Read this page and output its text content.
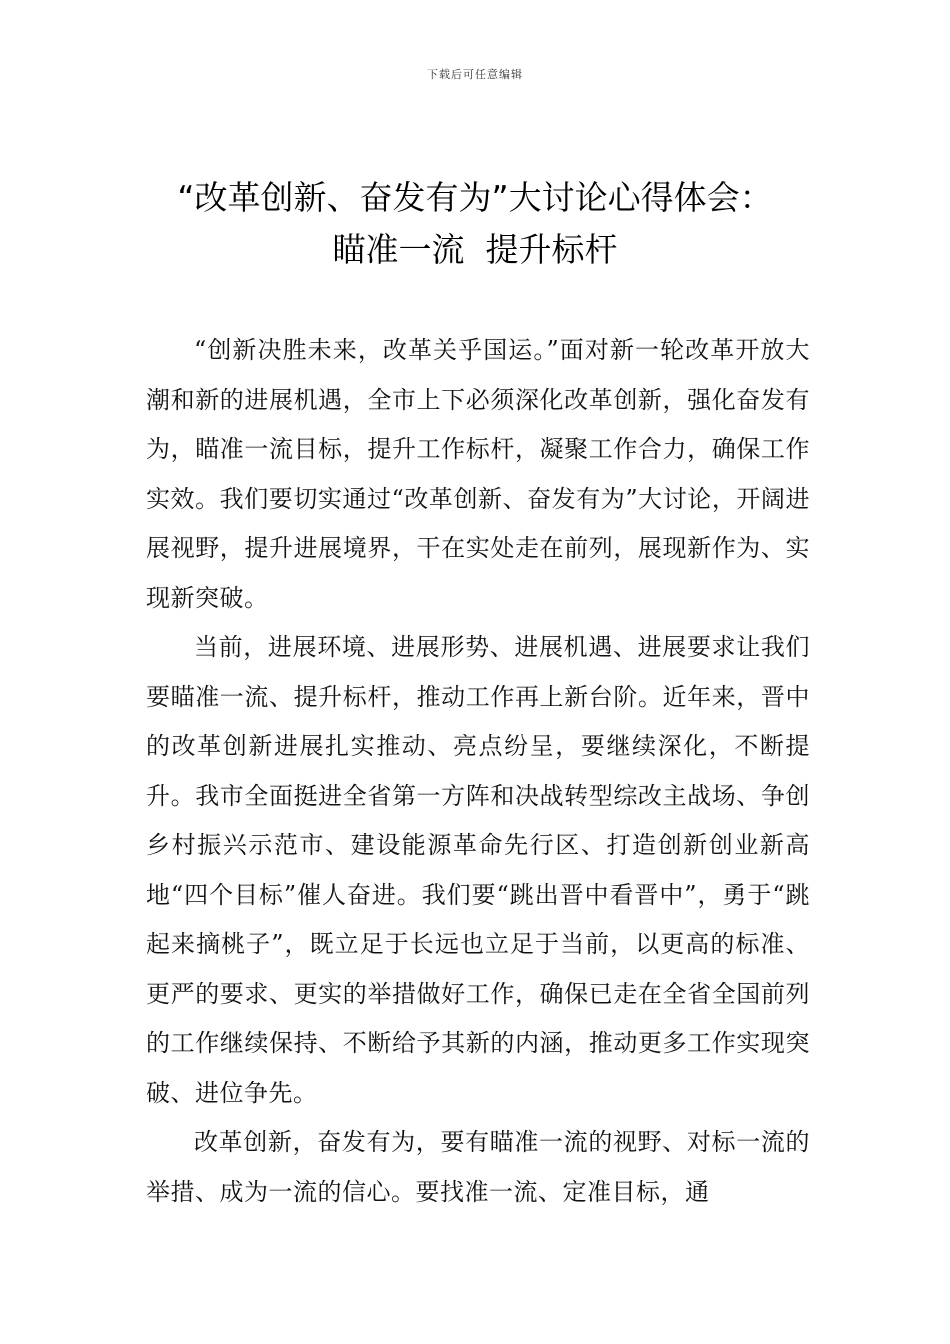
下载后可任意编辑
“改革创新、奋发有为”大讨论心得体会：
瞄准一流  提升标杆

“创新决胜未来，改革关乎国运。”面对新一轮改革开放大潮和新的进展机遇，全市上下必须深化改革创新，强化奋发有为，瞄准一流目标，提升工作标杆，凝聚工作合力，确保工作实效。我们要切实通过“改革创新、奋发有为”大讨论，开阔进展视野，提升进展境界，干在实处走在前列，展现新作为、实现新突破。

当前，进展环境、进展形势、进展机遇、进展要求让我们要瞄准一流、提升标杆，推动工作再上新台阶。近年来，晋中的改革创新进展扎实推动、亮点纷呈，要继续深化，不断提升。我市全面挺进全省第一方阵和决战转型综改主战场、争创乡村振兴示范市、建设能源革命先行区、打造创新创业新高地“四个目标”催人奋进。我们要“跳出晋中看晋中”，勇于“跳起来摘桃子”，既立足于长远也立足于当前，以更高的标准、更严的要求、更实的举措做好工作，确保已走在全省全国前列的工作继续保持、不断给予其新的内涵，推动更多工作实现突破、进位争先。

改革创新，奋发有为，要有瞄准一流的视野、对标一流的举措、成为一流的信心。要找准一流、定准目标，通
